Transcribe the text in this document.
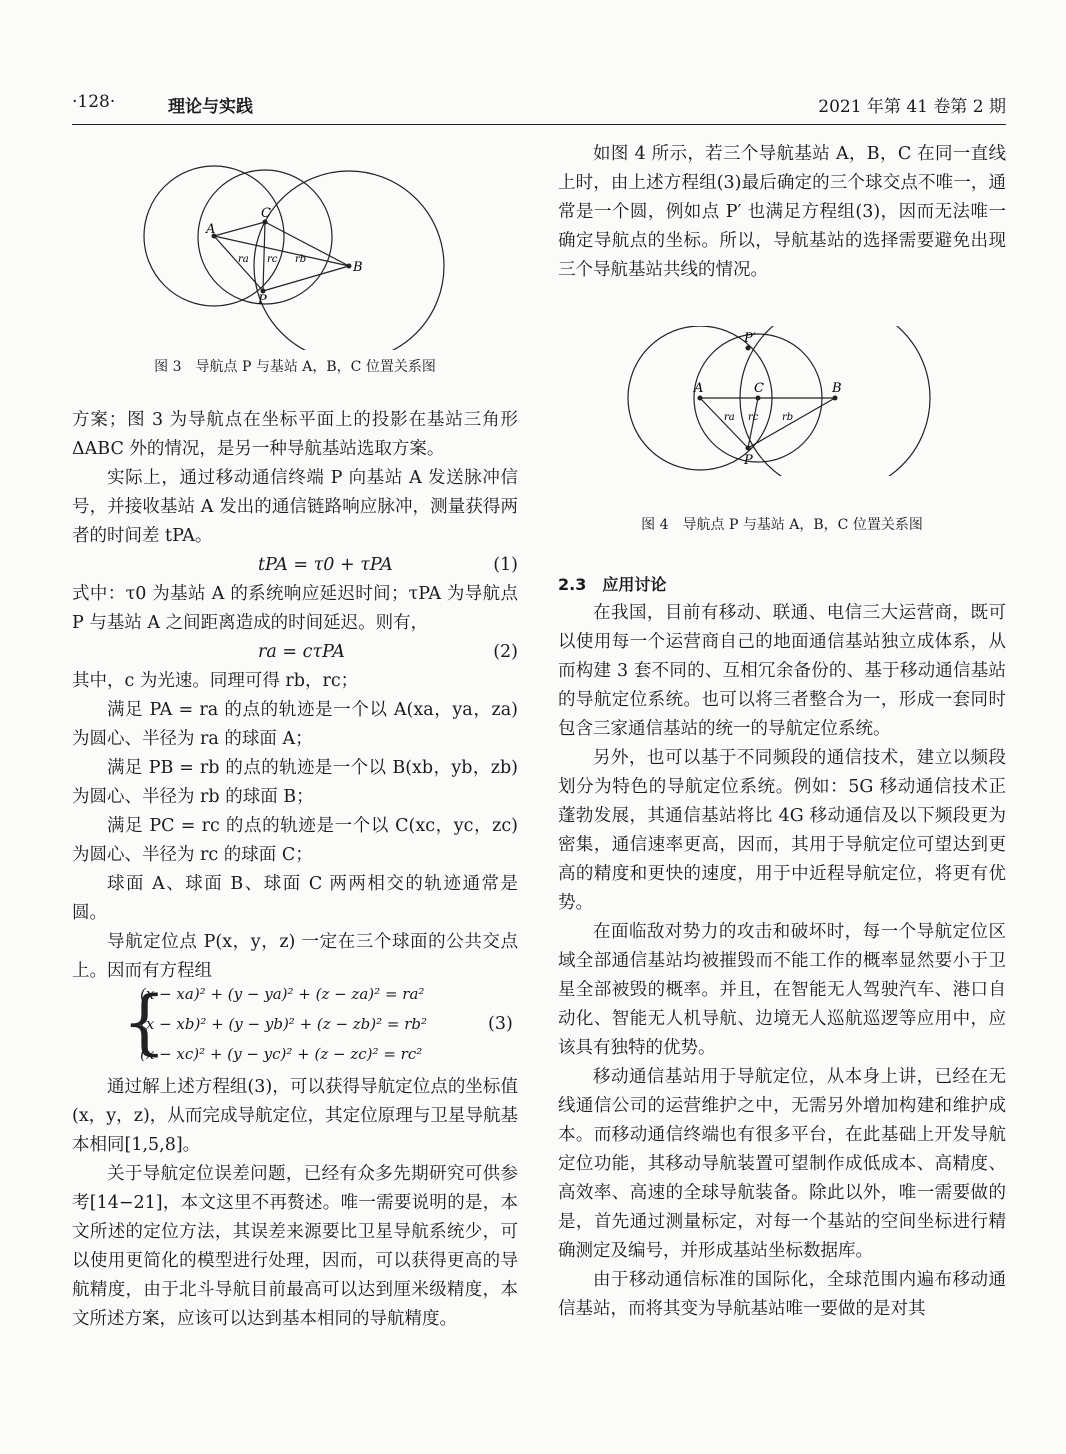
·128·	理论与实践	2021 年第 41 卷第 2 期
A
C
B
P
ra rc rb
图 3　导航点 P 与基站 A，B，C 位置关系图
A	C	B
P
P′
ra rc rb
图 4　导航点 P 与基站 A，B，C 位置关系图

方案；图 3 为导航点在坐标平面上的投影在基站三角形 ΔABC 外的情况，是另一种导航基站选取方案。

实际上，通过移动通信终端 P 向基站 A 发送脉冲信号，并接收基站 A 发出的通信链路响应脉冲，测量获得两者的时间差 tPA。

tPA = τ0 + τPA	(1)

式中：τ0 为基站 A 的系统响应延迟时间；τPA 为导航点 P 与基站 A 之间距离造成的时间延迟。则有，

ra = cτPA	(2)

其中，c 为光速。同理可得 rb，rc；

满足 PA = ra 的点的轨迹是一个以 A(xa，ya，za) 为圆心、半径为 ra 的球面 A；

满足 PB = rb 的点的轨迹是一个以 B(xb，yb，zb) 为圆心、半径为 rb 的球面 B；

满足 PC = rc 的点的轨迹是一个以 C(xc，yc，zc) 为圆心、半径为 rc 的球面 C；

球面 A、球面 B、球面 C 两两相交的轨迹通常是圆。

导航定位点 P(x，y，z) 一定在三个球面的公共交点上。因而有方程组

通过解上述方程组(3)，可以获得导航定位点的坐标值(x，y，z)，从而完成导航定位，其定位原理与卫星导航基本相同[1,5,8]。

关于导航定位误差问题，已经有众多先期研究可供参考[14−21]，本文这里不再赘述。唯一需要说明的是，本文所述的定位方法，其误差来源要比卫星导航系统少，可以使用更简化的模型进行处理，因而，可以获得更高的导航精度，由于北斗导航目前最高可以达到厘米级精度，本文所述方案，应该可以达到基本相同的导航精度。

{
(x − xa)² + (y − ya)² + (z − za)² = ra²
(x − xb)² + (y − yb)² + (z − zb)² = rb²
(x − xc)² + (y − yc)² + (z − zc)² = rc²
(3)

如图 4 所示，若三个导航基站 A，B，C 在同一直线上时，由上述方程组(3)最后确定的三个球交点不唯一，通常是一个圆，例如点 P′ 也满足方程组(3)，因而无法唯一确定导航点的坐标。所以，导航基站的选择需要避免出现三个导航基站共线的情况。

2.3　应用讨论

在我国，目前有移动、联通、电信三大运营商，既可以使用每一个运营商自己的地面通信基站独立成体系，从而构建 3 套不同的、互相冗余备份的、基于移动通信基站的导航定位系统。也可以将三者整合为一，形成一套同时包含三家通信基站的统一的导航定位系统。

另外，也可以基于不同频段的通信技术，建立以频段划分为特色的导航定位系统。例如：5G 移动通信技术正蓬勃发展，其通信基站将比 4G 移动通信及以下频段更为密集，通信速率更高，因而，其用于导航定位可望达到更高的精度和更快的速度，用于中近程导航定位，将更有优势。

在面临敌对势力的攻击和破坏时，每一个导航定位区域全部通信基站均被摧毁而不能工作的概率显然要小于卫星全部被毁的概率。并且，在智能无人驾驶汽车、港口自动化、智能无人机导航、边境无人巡航巡逻等应用中，应该具有独特的优势。

移动通信基站用于导航定位，从本身上讲，已经在无线通信公司的运营维护之中，无需另外增加构建和维护成本。而移动通信终端也有很多平台，在此基础上开发导航定位功能，其移动导航装置可望制作成低成本、高精度、高效率、高速的全球导航装备。除此以外，唯一需要做的是，首先通过测量标定，对每一个基站的空间坐标进行精确测定及编号，并形成基站坐标数据库。

由于移动通信标准的国际化，全球范围内遍布移动通信基站，而将其变为导航基站唯一要做的是对其
